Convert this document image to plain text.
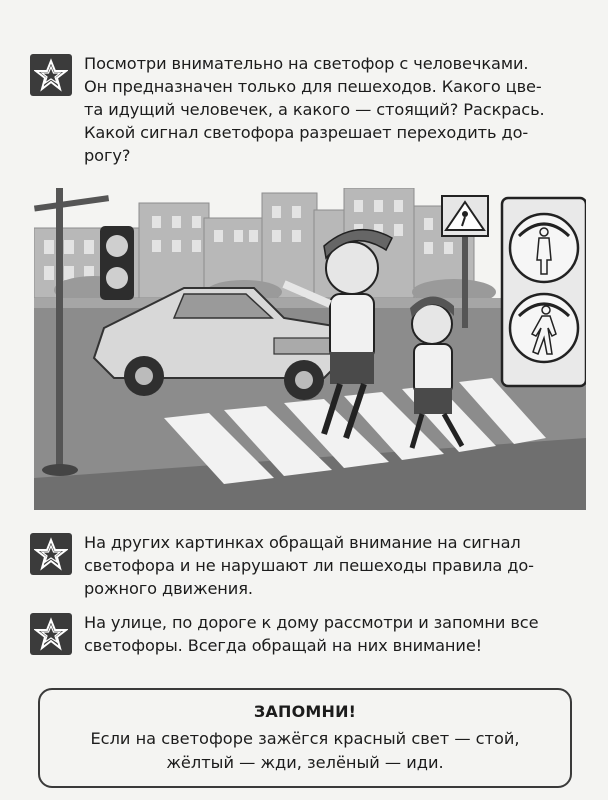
Посмотри внимательно на светофор с человечками.
Он предназначен только для пешеходов. Какого цве-
та идущий человечек, а какого — стоящий? Раскрась.
Какой сигнал светофора разрешает переходить до-
рогу?
На других картинках обращай внимание на сигнал
светофора и не нарушают ли пешеходы правила до-
рожного движения.
На улице, по дороге к дому рассмотри и запомни все
светофоры. Всегда обращай на них внимание!
ЗАПОМНИ!
Если на светофоре зажёгся красный свет — стой,
жёлтый — жди, зелёный — иди.
